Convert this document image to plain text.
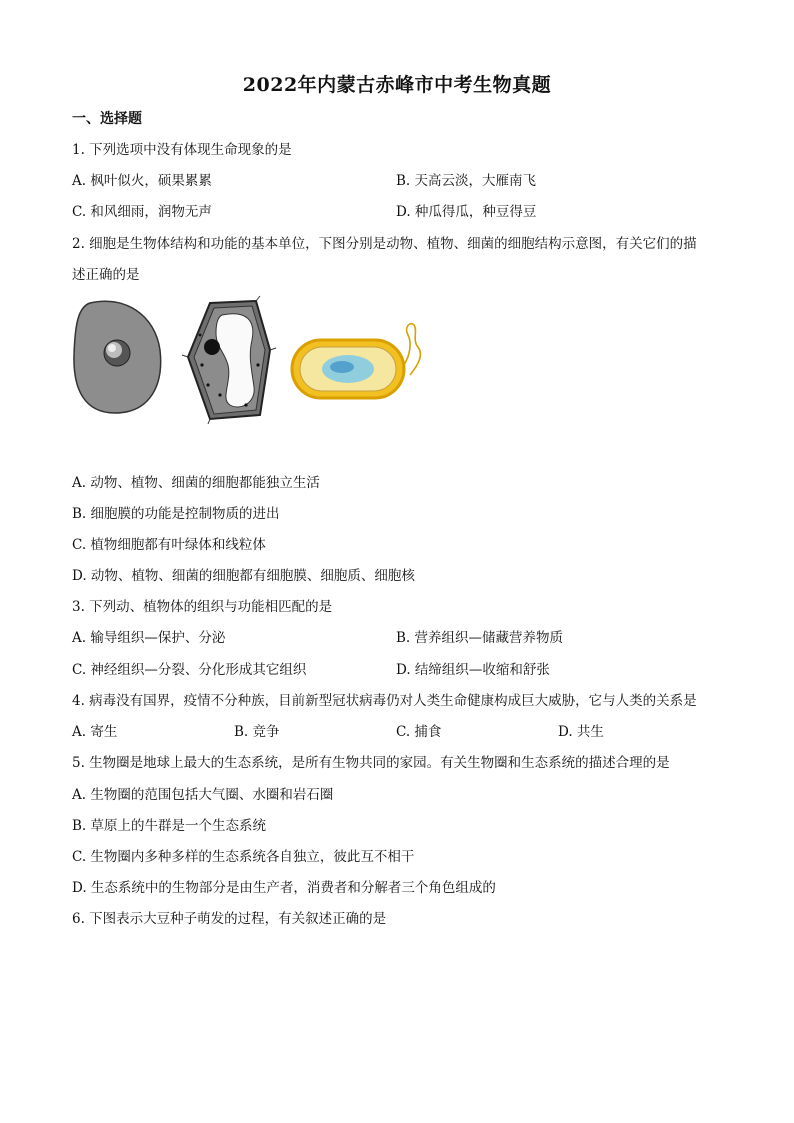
2022年内蒙古赤峰市中考生物真题
一、选择题
1. 下列选项中没有体现生命现象的是
A. 枫叶似火，硕果累累	B. 天高云淡，大雁南飞
C. 和风细雨，润物无声	D. 种瓜得瓜，种豆得豆
2. 细胞是生物体结构和功能的基本单位，下图分别是动物、植物、细菌的细胞结构示意图，有关它们的描
述正确的是
A. 动物、植物、细菌的细胞都能独立生活
B. 细胞膜的功能是控制物质的进出
C. 植物细胞都有叶绿体和线粒体
D. 动物、植物、细菌的细胞都有细胞膜、细胞质、细胞核
3. 下列动、植物体的组织与功能相匹配的是
A. 输导组织—保护、分泌	B. 营养组织—储藏营养物质
C. 神经组织—分裂、分化形成其它组织	D. 结缔组织—收缩和舒张
4. 病毒没有国界，疫情不分种族，目前新型冠状病毒仍对人类生命健康构成巨大威胁，它与人类的关系是
A. 寄生	B. 竞争	C. 捕食	D. 共生
5. 生物圈是地球上最大的生态系统，是所有生物共同的家园。有关生物圈和生态系统的描述合理的是
A. 生物圈的范围包括大气圈、水圈和岩石圈
B. 草原上的牛群是一个生态系统
C. 生物圈内多种多样的生态系统各自独立，彼此互不相干
D. 生态系统中的生物部分是由生产者，消费者和分解者三个角色组成的
6. 下图表示大豆种子萌发的过程，有关叙述正确的是
